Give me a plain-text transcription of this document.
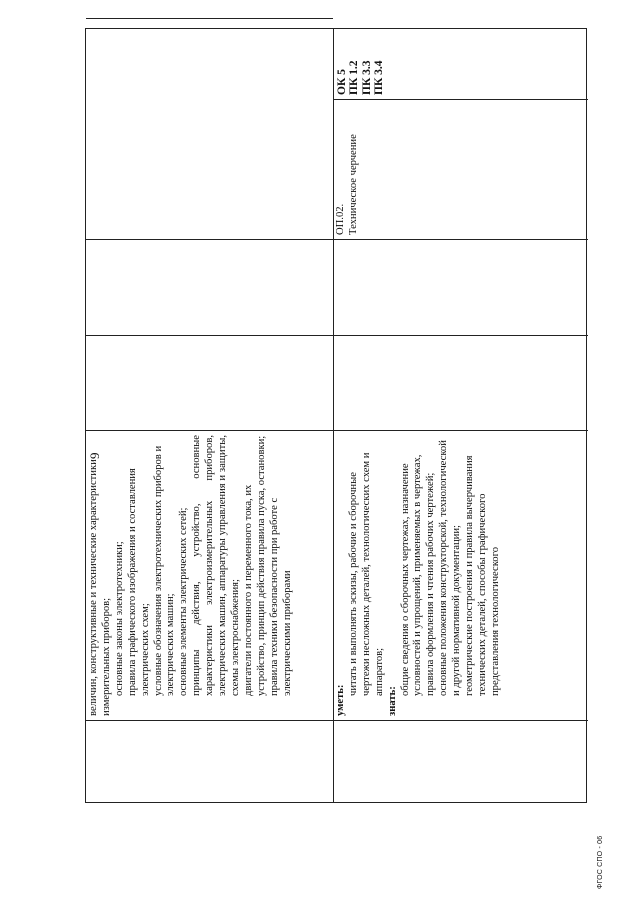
9
величин, конструктивные и технические характеристики измерительных приборов; основные законы электротехники; правила графического изображения и составления электрических схем; условные обозначения электротехнических приборов и электрических машин; основные элементы электрических сетей; принципы действия, устройство, основные характеристики электроизмерительных приборов, электрических машин, аппаратуры управления и защиты, схемы электроснабжения; двигатели постоянного и переменного тока, их устройство, принцип действия правила пуска, остановки; правила техники безопасности при работе с электрическими приборами
уметь:
читать и выполнять эскизы, рабочие и сборочные чертежи несложных деталей, технологических схем и аппаратов;
знать:
общие сведения о сборочных чертежах, назначение условностей и упрощений, применяемых в чертежах, правила оформления и чтения рабочих чертежей; основные положения конструкторской, технологической и другой нормативной документации; геометрические построения и правила вычерчивания технических деталей, способы графического представления технологического
ОП.02. Техническое черчение
ОК 5 ПК 1.2 ПК 3.3 ПК 3.4
ФГОС СПО - 06
